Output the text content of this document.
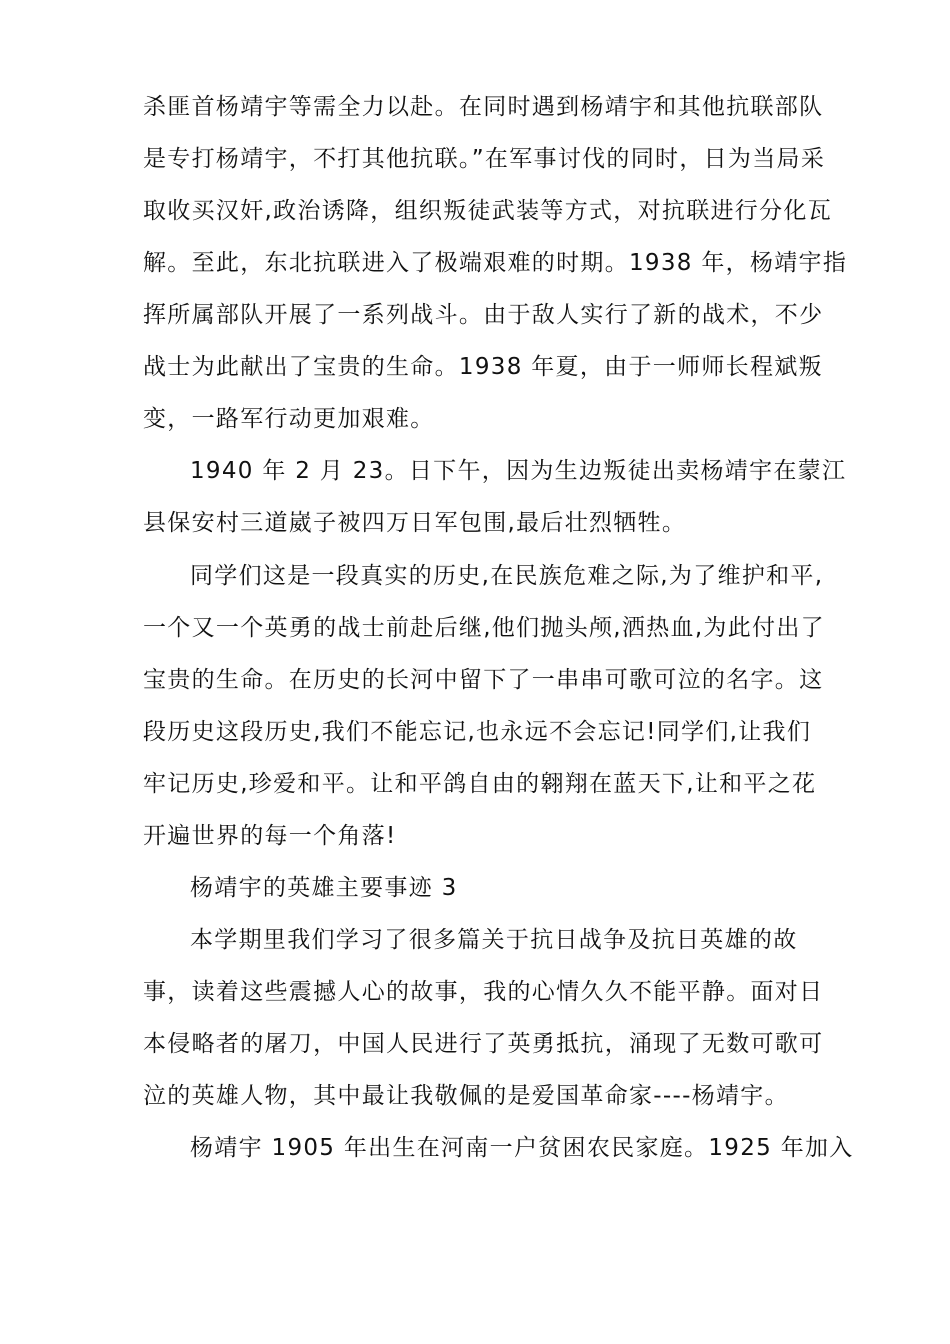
杀匪首杨靖宇等需全力以赴。在同时遇到杨靖宇和其他抗联部队

是专打杨靖宇，不打其他抗联。”在军事讨伐的同时，日为当局采

取收买汉奸,政治诱降，组织叛徒武装等方式，对抗联进行分化瓦

解。至此，东北抗联进入了极端艰难的时期。1938 年，杨靖宇指

挥所属部队开展了一系列战斗。由于敌人实行了新的战术，不少

战士为此献出了宝贵的生命。1938 年夏，由于一师师长程斌叛

变，一路军行动更加艰难。

1940 年 2 月 23。日下午，因为生边叛徒出卖杨靖宇在蒙江

县保安村三道崴子被四万日军包围,最后壮烈牺牲。

同学们这是一段真实的历史,在民族危难之际,为了维护和平,

一个又一个英勇的战士前赴后继,他们抛头颅,洒热血,为此付出了

宝贵的生命。在历史的长河中留下了一串串可歌可泣的名字。这

段历史这段历史,我们不能忘记,也永远不会忘记!同学们,让我们

牢记历史,珍爱和平。让和平鸽自由的翱翔在蓝天下,让和平之花

开遍世界的每一个角落!

杨靖宇的英雄主要事迹 3

本学期里我们学习了很多篇关于抗日战争及抗日英雄的故

事，读着这些震撼人心的故事，我的心情久久不能平静。面对日

本侵略者的屠刀，中国人民进行了英勇抵抗，涌现了无数可歌可

泣的英雄人物，其中最让我敬佩的是爱国革命家----杨靖宇。

杨靖宇 1905 年出生在河南一户贫困农民家庭。1925 年加入
